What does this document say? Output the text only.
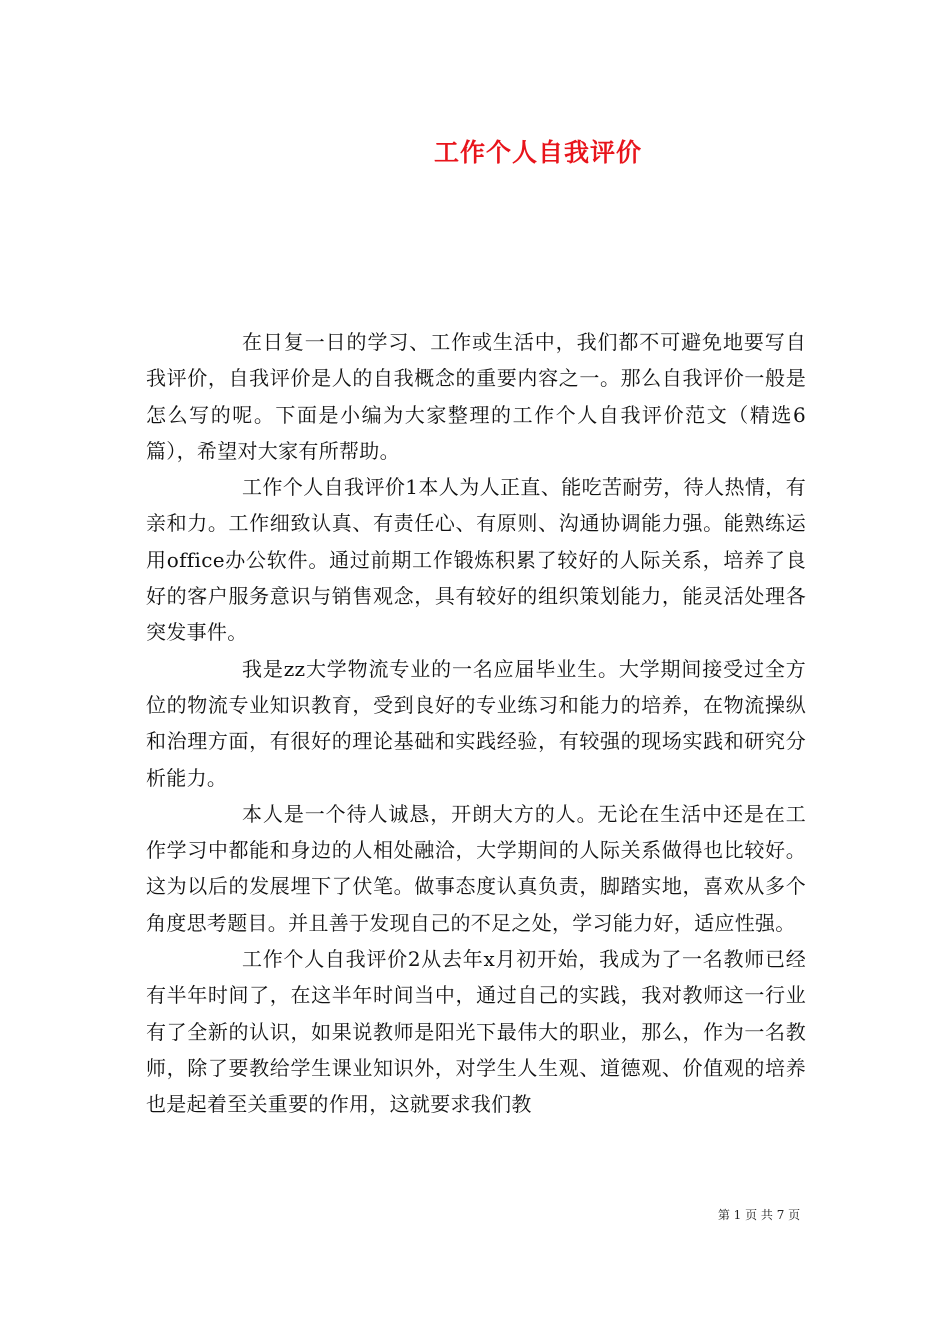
工作个人自我评价

在日复一日的学习、工作或生活中，我们都不可避免地要写自我评价，自我评价是人的自我概念的重要内容之一。那么自我评价一般是怎么写的呢。下面是小编为大家整理的工作个人自我评价范文（精选6篇），希望对大家有所帮助。

工作个人自我评价1本人为人正直、能吃苦耐劳，待人热情，有亲和力。工作细致认真、有责任心、有原则、沟通协调能力强。能熟练运用office办公软件。通过前期工作锻炼积累了较好的人际关系，培养了良好的客户服务意识与销售观念，具有较好的组织策划能力，能灵活处理各突发事件。

我是zz大学物流专业的一名应届毕业生。大学期间接受过全方位的物流专业知识教育，受到良好的专业练习和能力的培养，在物流操纵和治理方面，有很好的理论基础和实践经验，有较强的现场实践和研究分析能力。

本人是一个待人诚恳，开朗大方的人。无论在生活中还是在工作学习中都能和身边的人相处融洽，大学期间的人际关系做得也比较好。这为以后的发展埋下了伏笔。做事态度认真负责，脚踏实地，喜欢从多个角度思考题目。并且善于发现自己的不足之处，学习能力好，适应性强。

工作个人自我评价2从去年x月初开始，我成为了一名教师已经有半年时间了，在这半年时间当中，通过自己的实践，我对教师这一行业有了全新的认识，如果说教师是阳光下最伟大的职业，那么，作为一名教师，除了要教给学生课业知识外，对学生人生观、道德观、价值观的培养也是起着至关重要的作用，这就要求我们教

第 1 页 共 7 页
